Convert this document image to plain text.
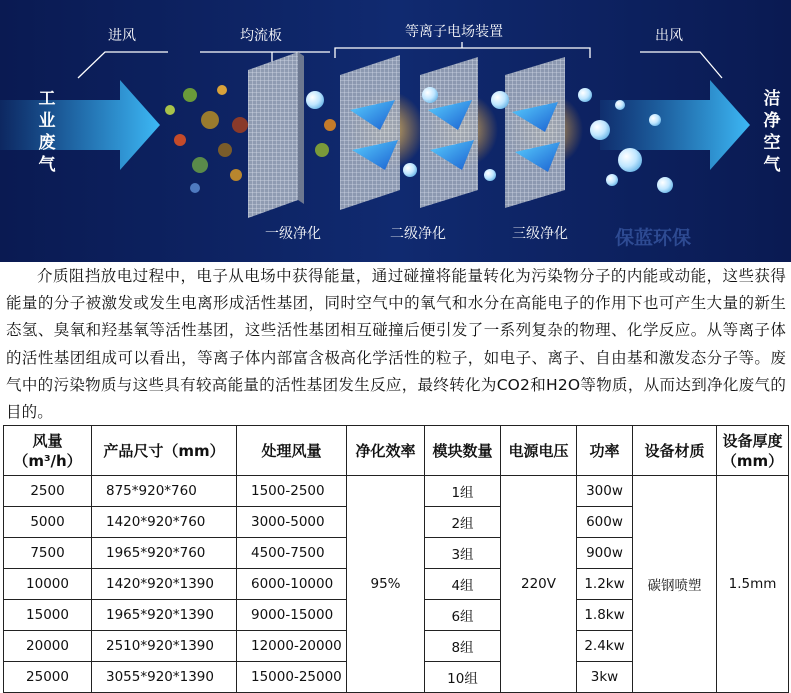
进风	均流板	等离子电场装置	出风
工
业
废
气
洁
净
空
气
一级净化	二级净化	三级净化 保蓝环保

介质阻挡放电过程中，电子从电场中获得能量，通过碰撞将能量转化为污染物分子的内能或动能，这些获得能量的分子被激发或发生电离形成活性基团，同时空气中的氧气和水分在高能电子的作用下也可产生大量的新生态氢、臭氧和羟基氧等活性基团，这些活性基团相互碰撞后便引发了一系列复杂的物理、化学反应。从等离子体的活性基团组成可以看出，等离子体内部富含极高化学活性的粒子，如电子、离子、自由基和激发态分子等。废气中的污染物质与这些具有较高能量的活性基团发生反应，最终转化为CO2和H2O等物质，从而达到净化废气的目的。

风量（m³/h）	产品尺寸（mm）	处理风量	净化效率	模块数量	电源电压	功率	设备材质	设备厚度（mm）
2500	875*920*760	1500-2500	95%	1组	220V	300w	碳钢喷塑	1.5mm
5000	1420*920*760	3000-5000		2组		600w		
7500	1965*920*760	4500-7500		3组		900w		
10000	1420*920*1390	6000-10000		4组		1.2kw		
15000	1965*920*1390	9000-15000		6组		1.8kw		
20000	2510*920*1390	12000-20000		8组		2.4kw		
25000	3055*920*1390	15000-25000		10组		3kw		
